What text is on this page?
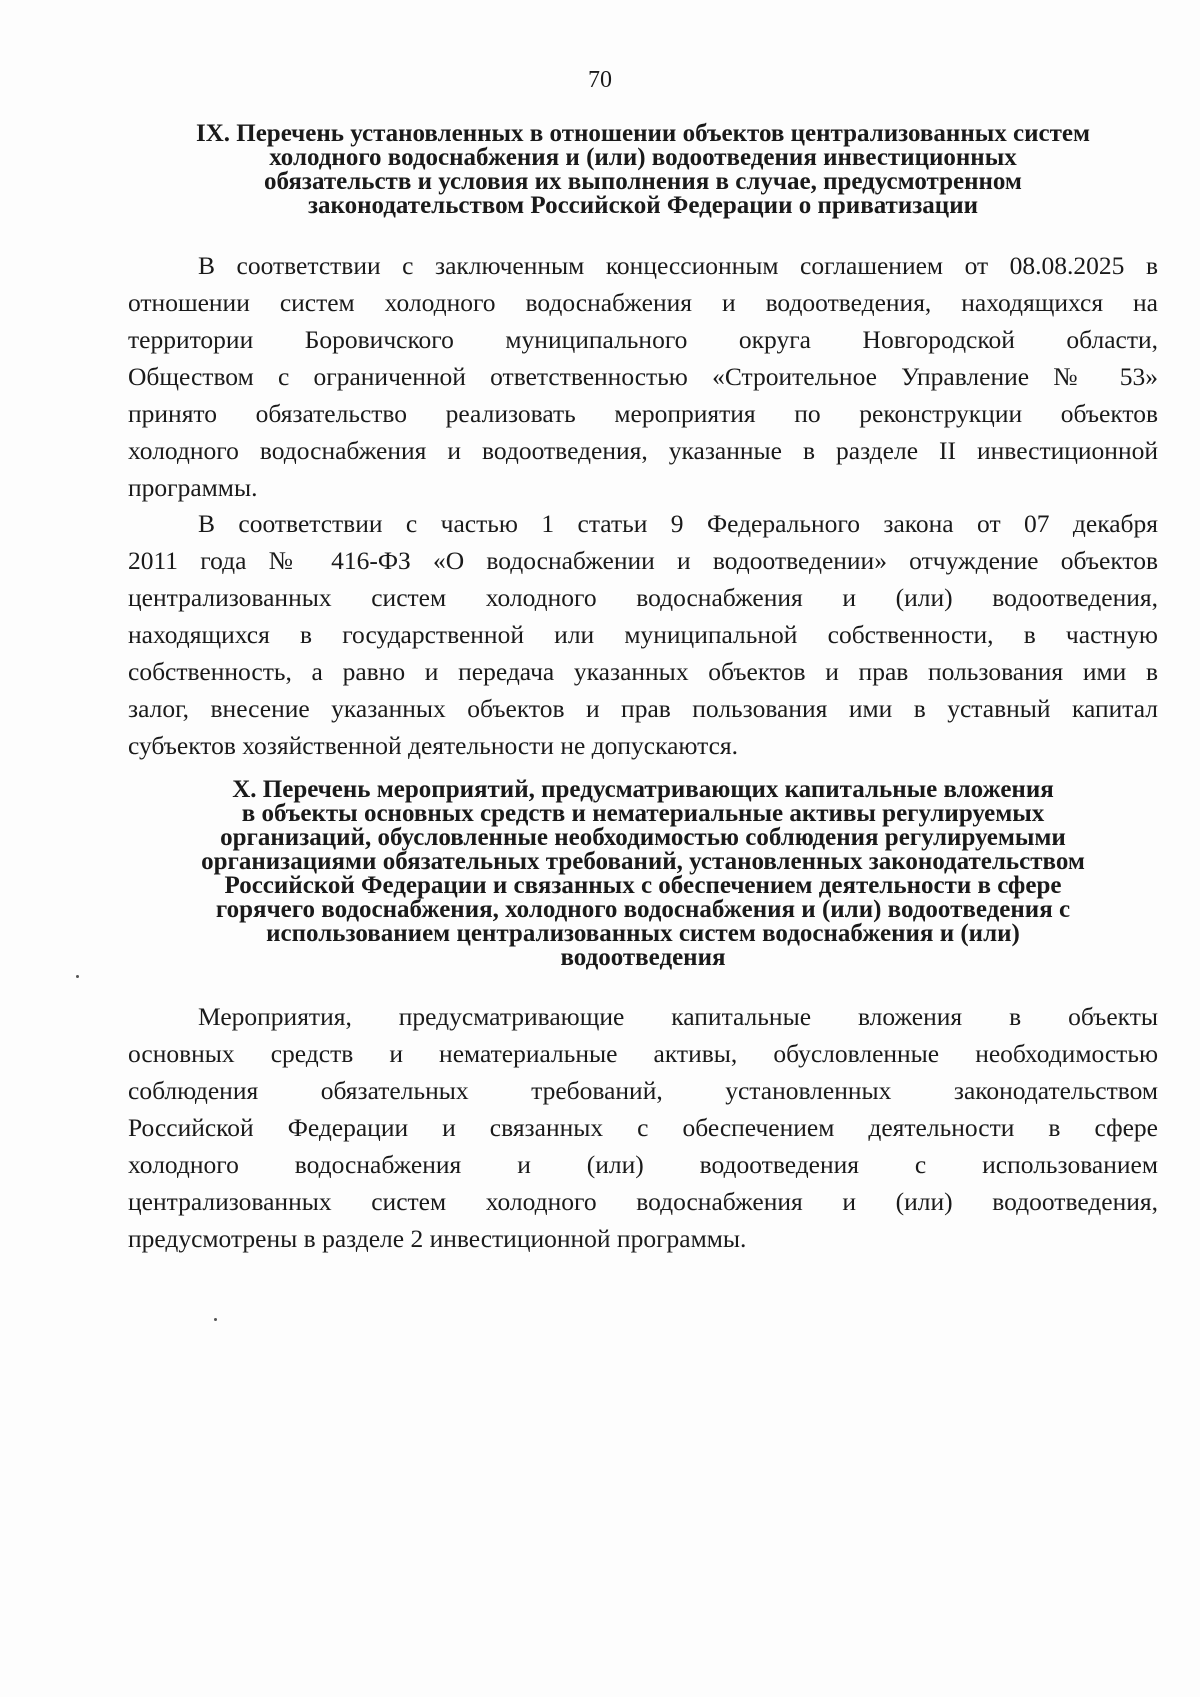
70
IX. Перечень установленных в отношении объектов централизованных систем
холодного водоснабжения и (или) водоотведения инвестиционных
обязательств и условия их выполнения в случае, предусмотренном
законодательством Российской Федерации о приватизации

В соответствии с заключенным концессионным соглашением от 08.08.2025 в
отношении систем холодного водоснабжения и водоотведения, находящихся на
территории Боровичского муниципального округа Новгородской области,
Обществом с ограниченной ответственностью «Строительное Управление № 53»
принято обязательство реализовать мероприятия по реконструкции объектов
холодного водоснабжения и водоотведения, указанные в разделе II инвестиционной
программы.

В соответствии с частью 1 статьи 9 Федерального закона от 07 декабря
2011 года № 416-ФЗ «О водоснабжении и водоотведении» отчуждение объектов
централизованных систем холодного водоснабжения и (или) водоотведения,
находящихся в государственной или муниципальной собственности, в частную
собственность, а равно и передача указанных объектов и прав пользования ими в
залог, внесение указанных объектов и прав пользования ими в уставный капитал
субъектов хозяйственной деятельности не допускаются.

X. Перечень мероприятий, предусматривающих капитальные вложения
в объекты основных средств и нематериальные активы регулируемых
организаций, обусловленные необходимостью соблюдения регулируемыми
организациями обязательных требований, установленных законодательством
Российской Федерации и связанных с обеспечением деятельности в сфере
горячего водоснабжения, холодного водоснабжения и (или) водоотведения с
использованием централизованных систем водоснабжения и (или)
водоотведения

Мероприятия, предусматривающие капитальные вложения в объекты
основных средств и нематериальные активы, обусловленные необходимостью
соблюдения обязательных требований, установленных законодательством
Российской Федерации и связанных с обеспечением деятельности в сфере
холодного водоснабжения и (или) водоотведения с использованием
централизованных систем холодного водоснабжения и (или) водоотведения,
предусмотрены в разделе 2 инвестиционной программы.
